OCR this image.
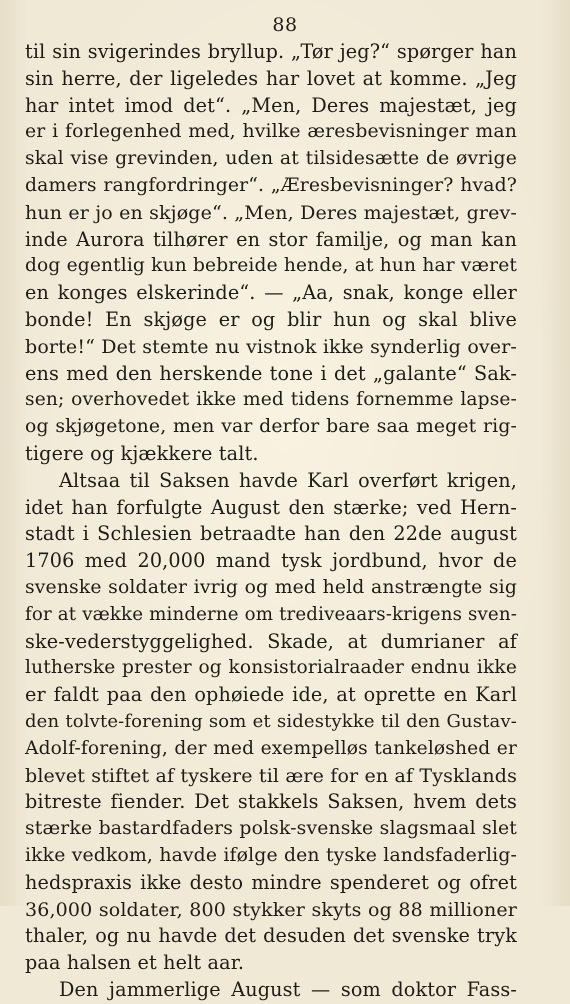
88
til sin svigerindes bryllup. „Tør jeg?“ spørger han
sin herre, der ligeledes har lovet at komme. „Jeg
har intet imod det“. „Men, Deres majestæt, jeg
er i forlegenhed med, hvilke æresbevisninger man
skal vise grevinden, uden at tilsidesætte de øvrige
damers rangfordringer“. „Æresbevisninger? hvad?
hun er jo en skjøge“. „Men, Deres majestæt, grev-
inde Aurora tilhører en stor familje, og man kan
dog egentlig kun bebreide hende, at hun har været
en konges elskerinde“. — „Aa, snak, konge eller
bonde! En skjøge er og blir hun og skal blive
borte!“ Det stemte nu vistnok ikke synderlig over-
ens med den herskende tone i det „galante“ Sak-
sen; overhovedet ikke med tidens fornemme lapse-
og skjøgetone, men var derfor bare saa meget rig-
tigere og kjækkere talt.
Altsaa til Saksen havde Karl overført krigen,
idet han forfulgte August den stærke; ved Hern-
stadt i Schlesien betraadte han den 22de august
1706 med 20,000 mand tysk jordbund, hvor de
svenske soldater ivrig og med held anstrængte sig
for at vække minderne om trediveaars-krigens sven-
ske-vederstyggelighed. Skade, at dumrianer af
lutherske prester og konsistorialraader endnu ikke
er faldt paa den ophøiede ide, at oprette en Karl
den tolvte-forening som et sidestykke til den Gustav-
Adolf-forening, der med exempelløs tankeløshed er
blevet stiftet af tyskere til ære for en af Tysklands
bitreste fiender. Det stakkels Saksen, hvem dets
stærke bastardfaders polsk-svenske slagsmaal slet
ikke vedkom, havde ifølge den tyske landsfaderlig-
hedspraxis ikke desto mindre spenderet og ofret
36,000 soldater, 800 stykker skyts og 88 millioner
thaler, og nu havde det desuden det svenske tryk
paa halsen et helt aar.
Den jammerlige August — som doktor Fass-
